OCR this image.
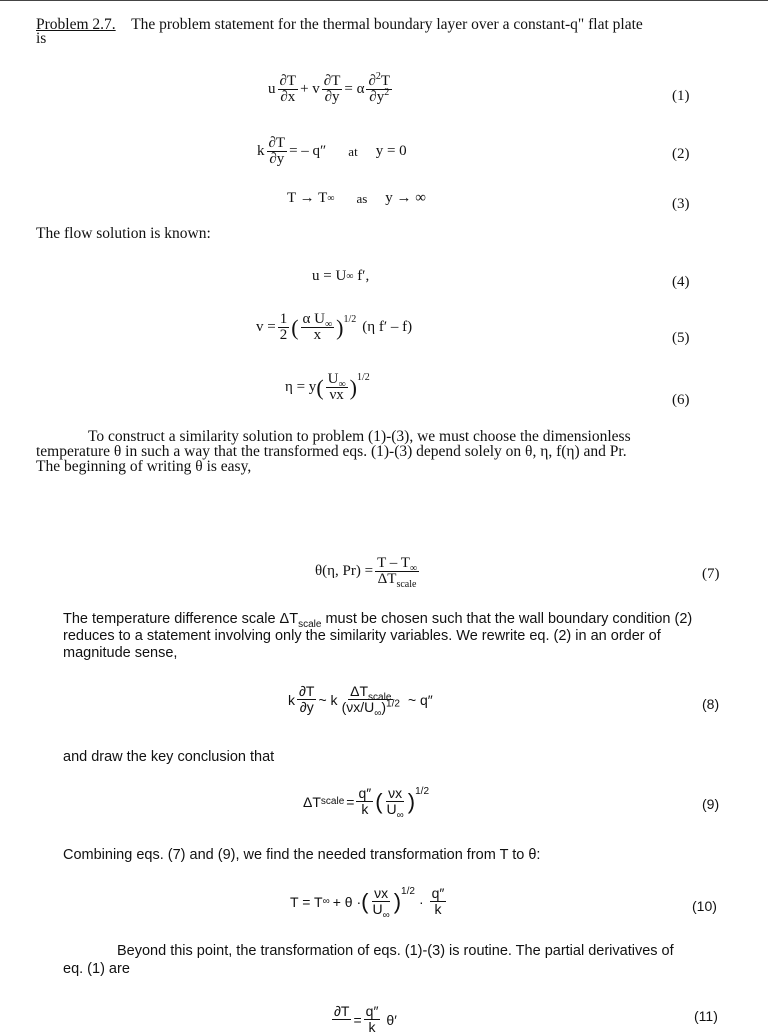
Problem 2.7. The problem statement for the thermal boundary layer over a constant-q" flat plate

is

u $\frac{\partial T}{\partial x} + v \frac{\partial T}{\partial y} = \alpha \frac{\partial^2T}{\partial y^2}$	(1)
k $\frac{\partial T}{\partial y}$ = – q″ at y = 0	(2)
T → T ∞ as y → ∞	(3)
The flow solution is known:
u = U ∞
f′,	(4)
$v = \frac{1}{2}$ ( $\frac{\alpha U_\infty}{x} )^{1/2}$ (η f′ – f)
(5)
η = y ( $\frac{U_\infty}{\nu x} )^{1/2}$
(6)

To construct a similarity solution to problem (1)-(3), we must choose the dimensionless

temperature θ in such a way that the transformed eqs. (1)-(3) depend solely on θ, η, f(η) and Pr.

The beginning of writing θ is easy,

θ(η, $Pr) = \frac{T - T_\infty}{\Delta T_{scale}}$	(7)

The temperature difference scale $\Delta T_{scale}$ must be chosen such that the wall boundary condition (2)

reduces to a statement involving only the similarity variables. We rewrite eq. (2) in an order of

magnitude sense,

k $\frac{\partial T}{\partial y}$ ~ k $\frac{\Delta T_{scale}}{(\nu x/U_\infty)^{1/2}}$ ~ q″	(8)
and draw the key conclusion that
ΔT scale = $\frac{q''}{k}$ ( $\frac{\nu x}{U_\infty} )^{1/2}$
(9)
Combining eqs. (7) and (9), we find the needed transformation from T to θ:
T = T ∞ + θ · ( $\frac{\nu x}{U_\infty} )^{1/2}$
· $\frac{q''}{k}$	(10)

Beyond this point, the transformation of eqs. (1)-(3) is routine. The partial derivatives of

eq. (1) are

∂T

= $\frac{q''}{k} \theta'$	(11)
